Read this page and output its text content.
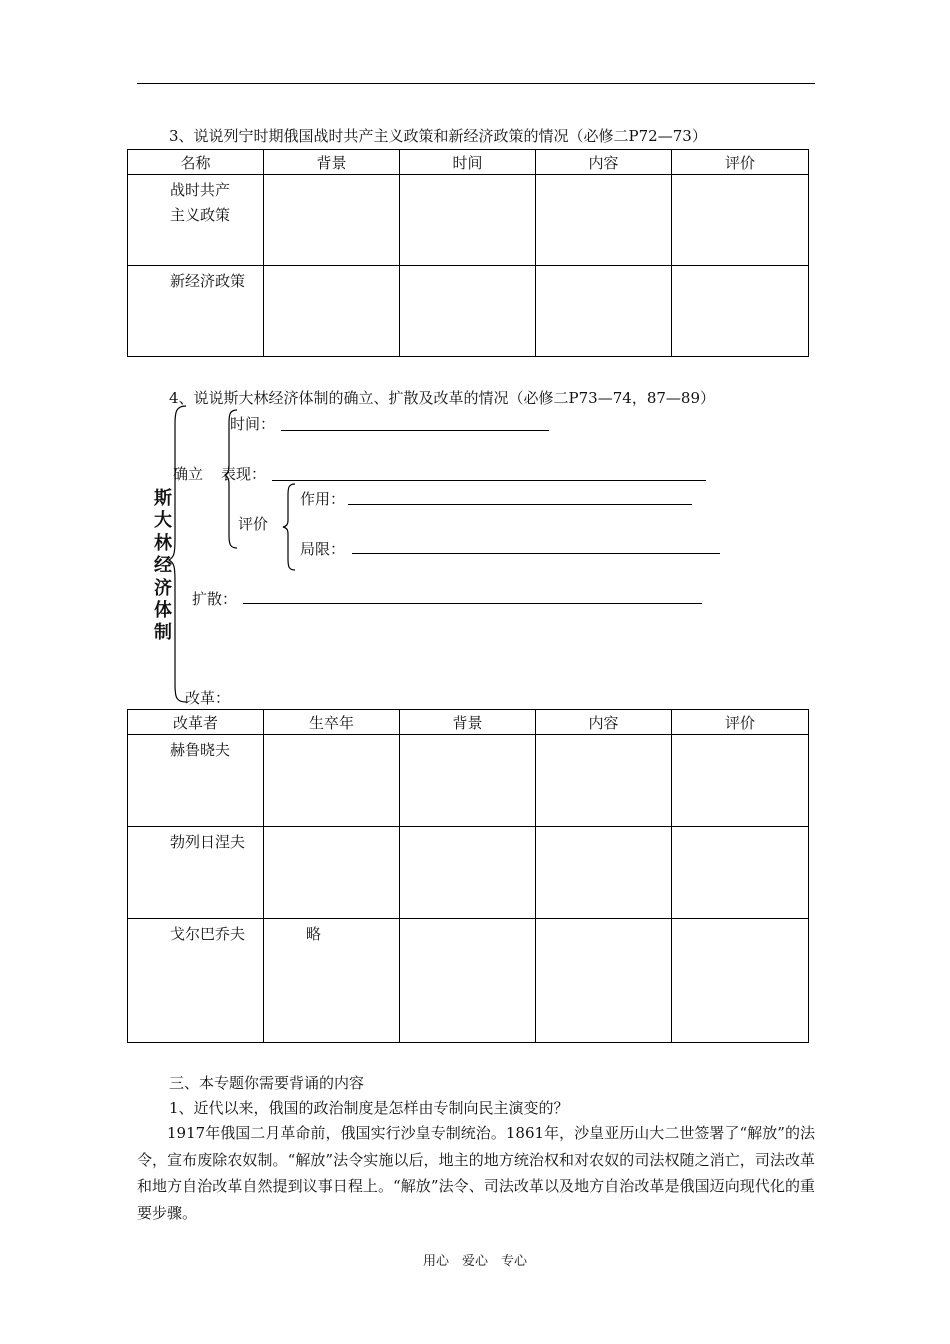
3、说说列宁时期俄国战时共产主义政策和新经济政策的情况（必修二P72—73）
名称	背景	时间	内容	评价

战时共产
主义政策				

新经济政策				

4、说说斯大林经济体制的确立、扩散及改革的情况（必修二P73—74，87—89）
斯大林经济体制
确立
时间：
表现：
评价
作用：
局限：
扩散：
改革：
改革者	生卒年	背景	内容	评价
赫鲁晓夫				
勃列日涅夫				
戈尔巴乔夫	略			
三、本专题你需要背诵的内容
1、近代以来，俄国的政治制度是怎样由专制向民主演变的？
1917年俄国二月革命前，俄国实行沙皇专制统治。1861年，沙皇亚历山大二世签署了“解放”的法令，宣布废除农奴制。“解放”法令实施以后，地主的地方统治权和对农奴的司法权随之消亡，司法改革和地方自治改革自然提到议事日程上。“解放”法令、司法改革以及地方自治改革是俄国迈向现代化的重要步骤。
用心　爱心　专心
